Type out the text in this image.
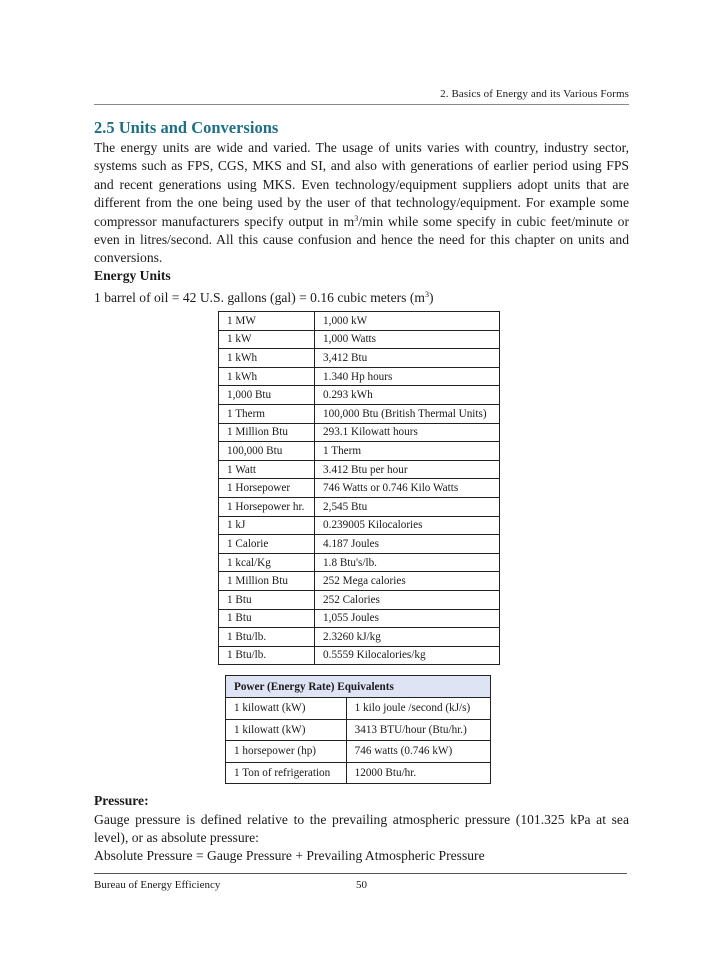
2. Basics of Energy and its Various Forms
2.5 Units and Conversions
The energy units are wide and varied. The usage of units varies with country, industry sector, systems such as FPS, CGS, MKS and SI, and also with generations of earlier period using FPS and recent generations using MKS. Even technology/equipment suppliers adopt units that are different from the one being used by the user of that technology/equipment. For example some compressor manufacturers specify output in $m^3/\min$ while some specify in cubic feet/minute or even in litres/second. All this cause confusion and hence the need for this chapter on units and conversions.
Energy Units
1 barrel of oil = 42 U.S. gallons (gal) = 0.16 cubic meters $(m^3)$
1 MW	1,000 kW
1 kW	1,000 Watts
1 kWh	3,412 Btu
1 kWh	1.340 Hp hours
1,000 Btu	0.293 kWh
1 Therm	100,000 Btu (British Thermal Units)
1 Million Btu	293.1 Kilowatt hours
100,000 Btu	1 Therm
1 Watt	3.412 Btu per hour
1 Horsepower	746 Watts or 0.746 Kilo Watts
1 Horsepower hr.	2,545 Btu
1 kJ	0.239005 Kilocalories
1 Calorie	4.187 Joules
1 kcal/Kg	1.8 Btu's/lb.
1 Million Btu	252 Mega calories
1 Btu	252 Calories
1 Btu	1,055 Joules
1 Btu/lb.	2.3260 kJ/kg
1 Btu/lb.	0.5559 Kilocalories/kg
Power (Energy Rate) Equivalents	
1 kilowatt (kW)	1 kilo joule /second (kJ/s)
1 kilowatt (kW)	3413 BTU/hour (Btu/hr.)
1 horsepower (hp)	746 watts (0.746 kW)
1 Ton of refrigeration	12000 Btu/hr.
Pressure:
Gauge pressure is defined relative to the prevailing atmospheric pressure (101.325 kPa at sea level), or as absolute pressure:
Absolute Pressure = Gauge Pressure + Prevailing Atmospheric Pressure
Bureau of Energy Efficiency	50
